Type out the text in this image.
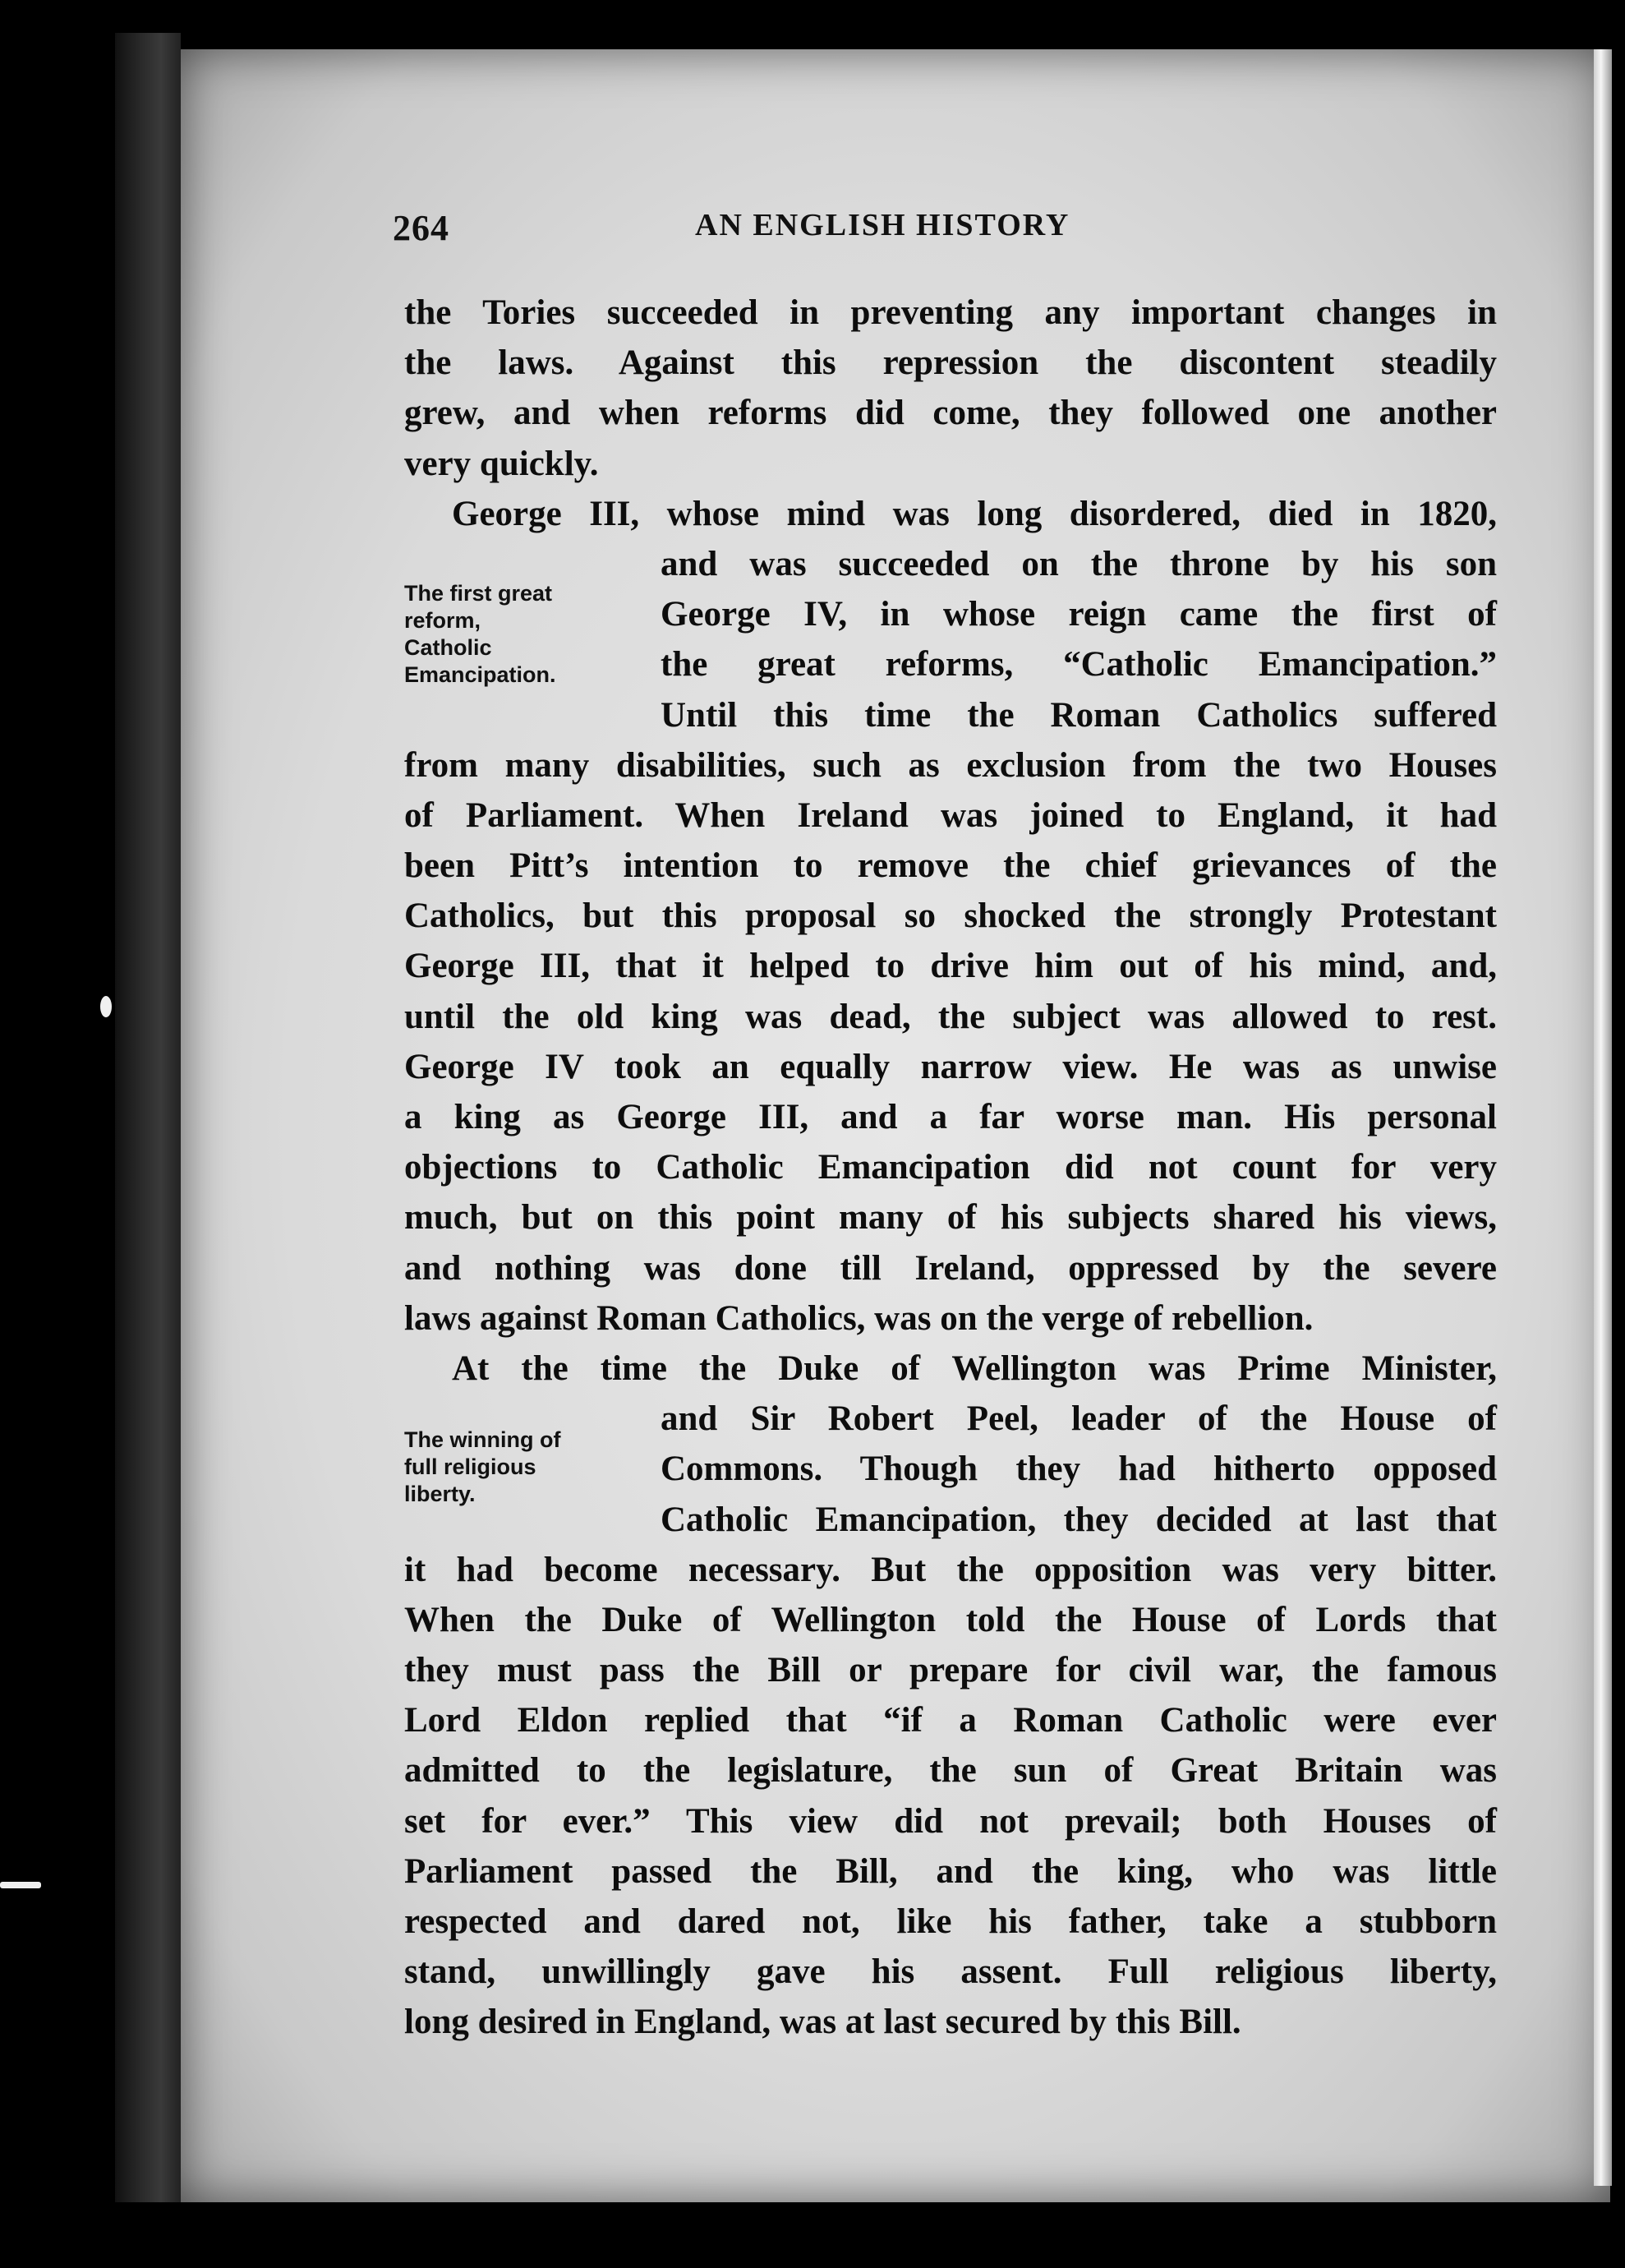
264	AN ENGLISH HISTORY
The first great
reform,
Catholic
Emancipation.
The winning of
full religious
liberty.
the Tories succeeded in preventing any important changes in
the laws. Against this repression the discontent steadily
grew, and when reforms did come, they followed one another
very quickly.
George III, whose mind was long disordered, died in 1820,
and was succeeded on the throne by his son
George IV, in whose reign came the first of
the great reforms, “Catholic Emancipation.”
Until this time the Roman Catholics suffered
from many disabilities, such as exclusion from the two Houses
of Parliament. When Ireland was joined to England, it had
been Pitt’s intention to remove the chief grievances of the
Catholics, but this proposal so shocked the strongly Protestant
George III, that it helped to drive him out of his mind, and,
until the old king was dead, the subject was allowed to rest.
George IV took an equally narrow view. He was as unwise
a king as George III, and a far worse man. His personal
objections to Catholic Emancipation did not count for very
much, but on this point many of his subjects shared his views,
and nothing was done till Ireland, oppressed by the severe
laws against Roman Catholics, was on the verge of rebellion.
At the time the Duke of Wellington was Prime Minister,
and Sir Robert Peel, leader of the House of
Commons. Though they had hitherto opposed
Catholic Emancipation, they decided at last that
it had become necessary. But the opposition was very bitter.
When the Duke of Wellington told the House of Lords that
they must pass the Bill or prepare for civil war, the famous
Lord Eldon replied that “if a Roman Catholic were ever
admitted to the legislature, the sun of Great Britain was
set for ever.” This view did not prevail; both Houses of
Parliament passed the Bill, and the king, who was little
respected and dared not, like his father, take a stubborn
stand, unwillingly gave his assent. Full religious liberty,
long desired in England, was at last secured by this Bill.
